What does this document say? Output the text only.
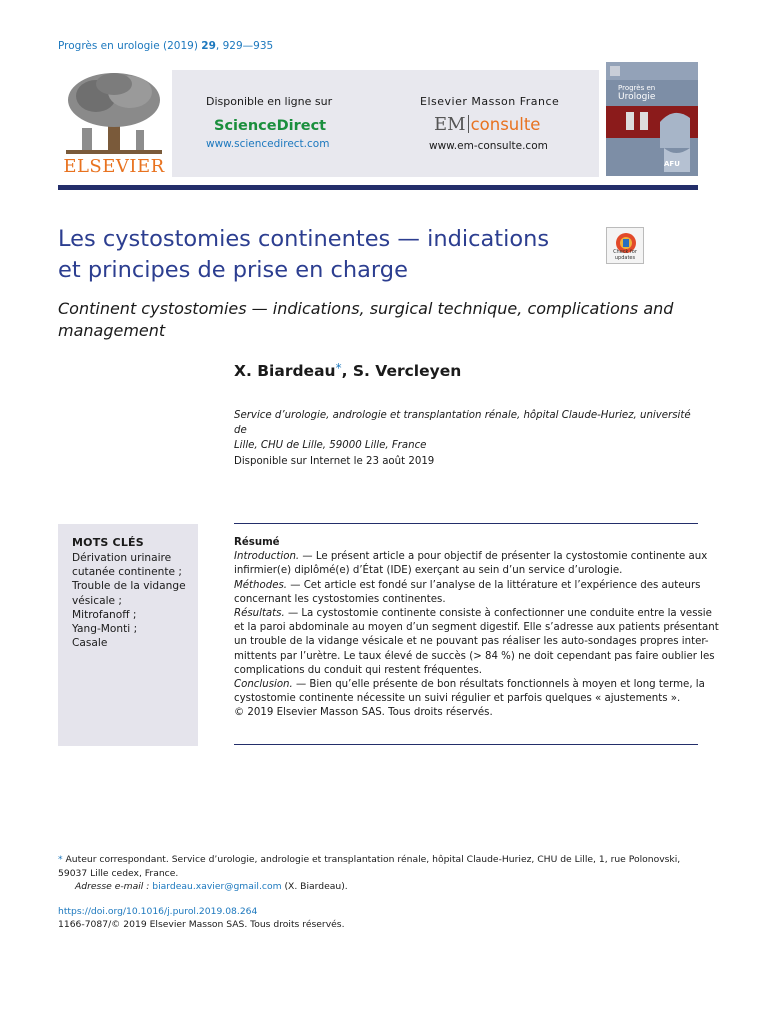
Progrès en urologie (2019) 29, 929—935
ELSEVIER
Disponible en ligne sur
ScienceDirect
www.sciencedirect.com
Elsevier Masson France
EM consulte
www.em-consulte.com
Progrès en
Urologie
AFU
Les cystostomies continentes — indications
et principes de prise en charge
Check for updates
Continent cystostomies — indications, surgical technique, complications and
management
X. Biardeau*, S. Vercleyen
Service d’urologie, andrologie et transplantation rénale, hôpital Claude-Huriez, université de
Lille, CHU de Lille, 59000 Lille, France
Disponible sur Internet le 23 août 2019
MOTS CLÉS
Dérivation urinaire
cutanée continente ;
Trouble de la vidange
vésicale ;
Mitrofanoff ;
Yang-Monti ;
Casale
Résumé
Introduction. — Le présent article a pour objectif de présenter la cystostomie continente aux
infirmier(e) diplômé(e) d’État (IDE) exerçant au sein d’un service d’urologie.
Méthodes. — Cet article est fondé sur l’analyse de la littérature et l’expérience des auteurs
concernant les cystostomies continentes.
Résultats. — La cystostomie continente consiste à confectionner une conduite entre la vessie
et la paroi abdominale au moyen d’un segment digestif. Elle s’adresse aux patients présentant
un trouble de la vidange vésicale et ne pouvant pas réaliser les auto-sondages propres inter-
mittents par l’urètre. Le taux élevé de succès (> 84 %) ne doit cependant pas faire oublier les
complications du conduit qui restent fréquentes.
Conclusion. — Bien qu’elle présente de bon résultats fonctionnels à moyen et long terme, la
cystostomie continente nécessite un suivi régulier et parfois quelques « ajustements ».
© 2019 Elsevier Masson SAS. Tous droits réservés.
* Auteur correspondant. Service d’urologie, andrologie et transplantation rénale, hôpital Claude-Huriez, CHU de Lille, 1, rue Polonovski,
59037 Lille cedex, France.
Adresse e-mail : biardeau.xavier@gmail.com (X. Biardeau).
https://doi.org/10.1016/j.purol.2019.08.264
1166-7087/© 2019 Elsevier Masson SAS. Tous droits réservés.
